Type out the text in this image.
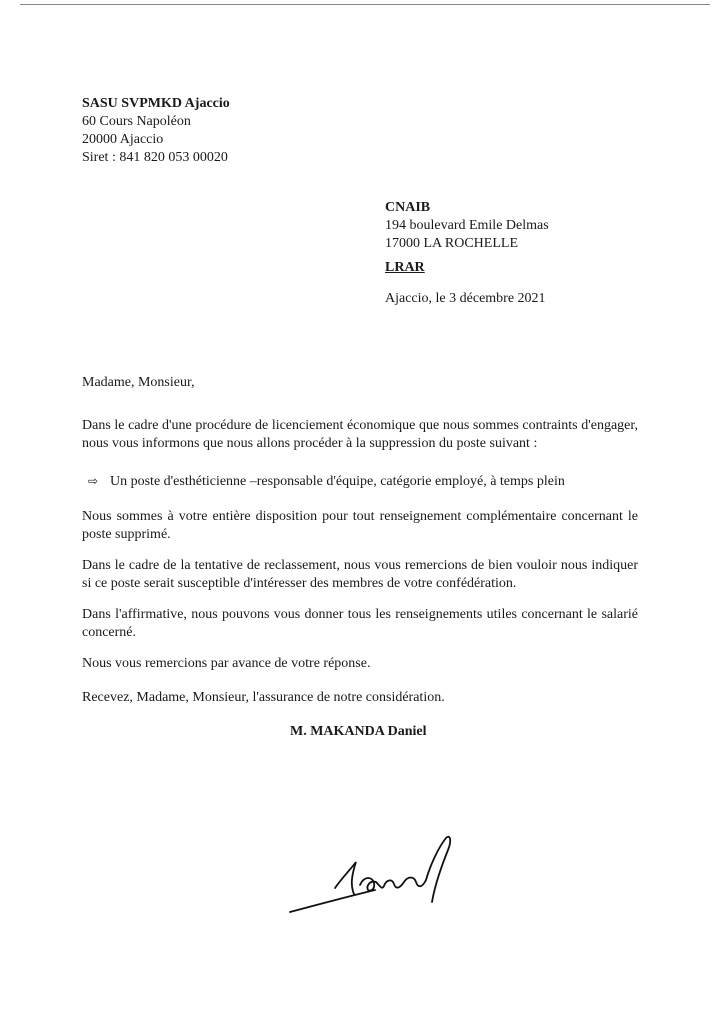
SASU SVPMKD Ajaccio
60 Cours Napoléon
20000 Ajaccio
Siret : 841 820 053 00020
CNAIB
194 boulevard Emile Delmas
17000 LA ROCHELLE
LRAR
Ajaccio, le 3 décembre 2021
Madame, Monsieur,
Dans le cadre d'une procédure de licenciement économique que nous sommes contraints d'engager, nous vous informons que nous allons procéder à la suppression du poste suivant :
⇨ Un poste d'esthéticienne –responsable d'équipe, catégorie employé, à temps plein
Nous sommes à votre entière disposition pour tout renseignement complémentaire concernant le poste supprimé.
Dans le cadre de la tentative de reclassement, nous vous remercions de bien vouloir nous indiquer si ce poste serait susceptible d'intéresser des membres de votre confédération.
Dans l'affirmative, nous pouvons vous donner tous les renseignements utiles concernant le salarié concerné.
Nous vous remercions par avance de votre réponse.
Recevez, Madame, Monsieur, l'assurance de notre considération.
M. MAKANDA Daniel
